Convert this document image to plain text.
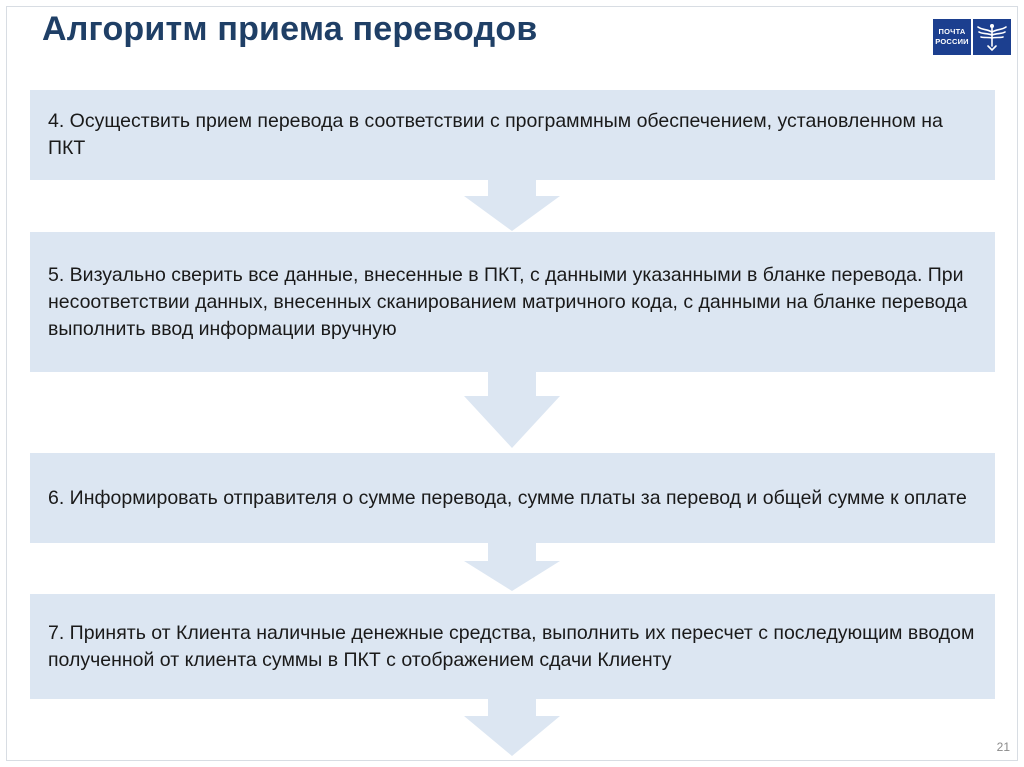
Алгоритм приема переводов	ПОЧТА
РОССИИ
4. Осуществить прием перевода в соответствии с программным обеспечением, установленном на ПКТ
5. Визуально сверить все данные, внесенные в ПКТ, с данными указанными в бланке перевода. При несоответствии данных, внесенных сканированием матричного кода, с данными на бланке перевода выполнить ввод информации вручную
6. Информировать отправителя о сумме перевода, сумме платы за перевод и общей сумме к оплате
7. Принять от Клиента наличные денежные средства, выполнить их пересчет с последующим вводом полученной от клиента суммы в ПКТ с отображением сдачи Клиенту
21
